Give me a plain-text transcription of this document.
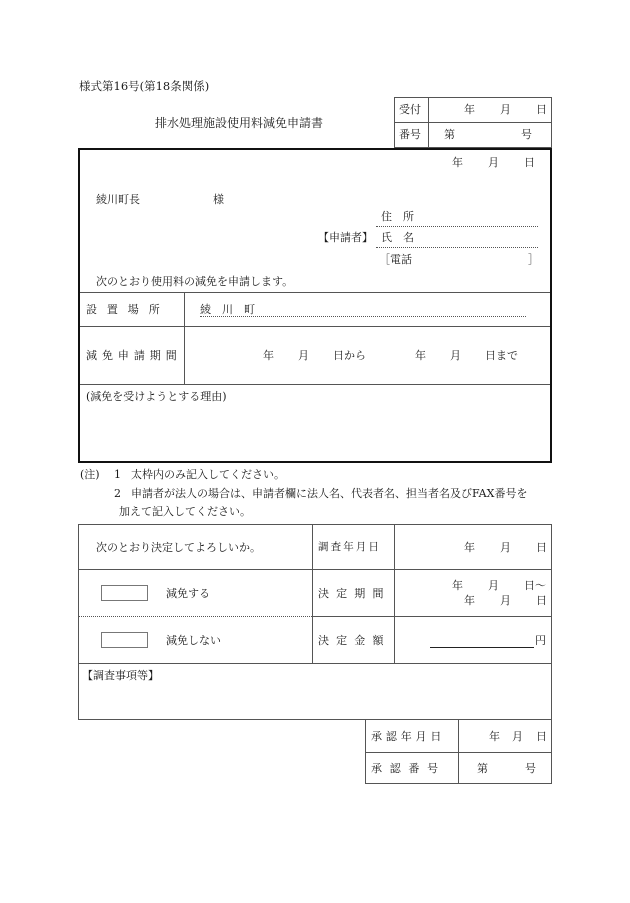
様式第16号(第18条関係)
排水処理施設使用料減免申請書
受付	年 月 日
番号 第	号
年 月 日
綾川町長	様
【申請者】
住　所
氏　名
［電話	］
次のとおり使用料の減免を申請します。
設置場所	綾　川　町
減免申請期間	年 月 日から	年 月 日まで
(減免を受けようとする理由)
(注) 1 太枠内のみ記入してください。
2 申請者が法人の場合は、申請者欄に法人名、代表者名、担当者名及びFAX番号を
加えて記入してください。
次のとおり決定してよろしいか。	調査年月日	年 月 日
減免する	決定期間
年 月 日～
年 月 日
減免しない	決定金額	円
【調査事項等】
承認年月日	年 月 日
承認番号	第	号
